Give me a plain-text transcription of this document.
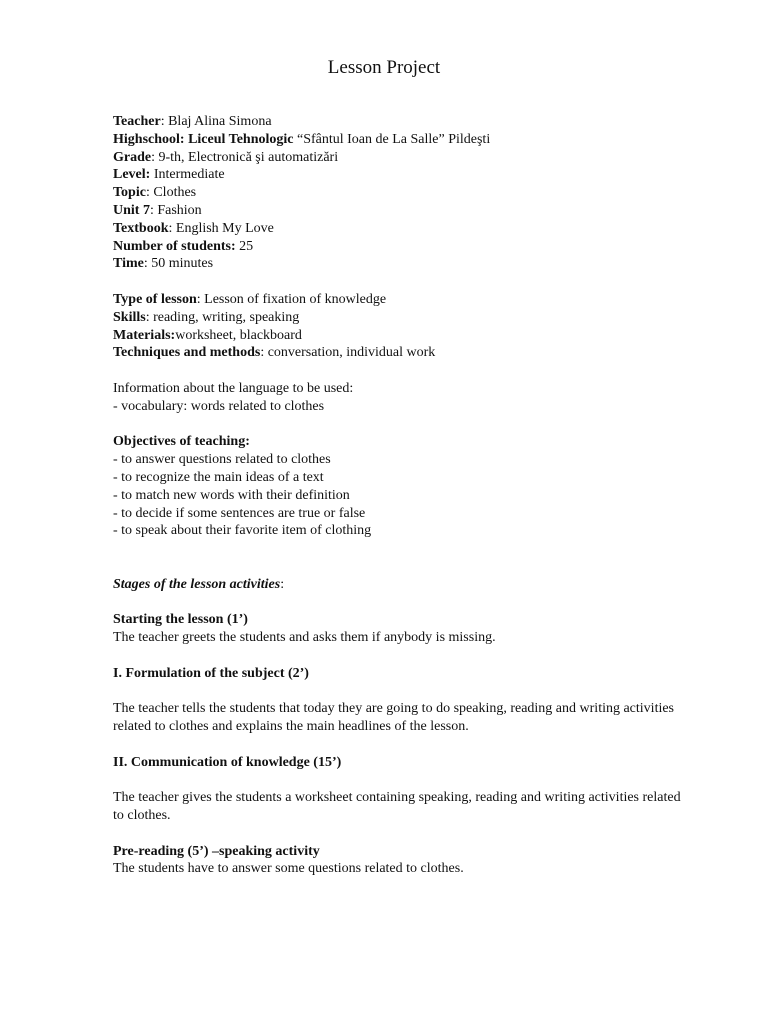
Lesson Project
Teacher: Blaj Alina Simona
Highschool: Liceul Tehnologic “Sfântul Ioan de La Salle” Pildeşti
Grade: 9-th, Electronică şi automatizări
Level: Intermediate
Topic: Clothes
Unit 7: Fashion
Textbook: English My Love
Number of students: 25
Time: 50 minutes
Type of lesson: Lesson of fixation of knowledge
Skills: reading, writing, speaking
Materials:worksheet, blackboard
Techniques and methods: conversation, individual work
Information about the language to be used:
- vocabulary: words related to clothes
Objectives of teaching:
- to answer questions related to clothes
- to recognize the main ideas of a text
- to match new words with their definition
- to decide if some sentences are true or false
- to speak about their favorite item of clothing
Stages of the lesson activities:
Starting the lesson (1’)
The teacher greets the students and asks them if anybody is missing.
I. Formulation of the subject (2’)
The teacher tells the students that today they are going to do speaking, reading and writing activities related to clothes and explains the main headlines of the lesson.
II. Communication of knowledge (15’)
The teacher gives the students a worksheet containing speaking, reading and writing activities related to clothes.
Pre-reading (5’) –speaking activity
The students have to answer some questions related to clothes.
